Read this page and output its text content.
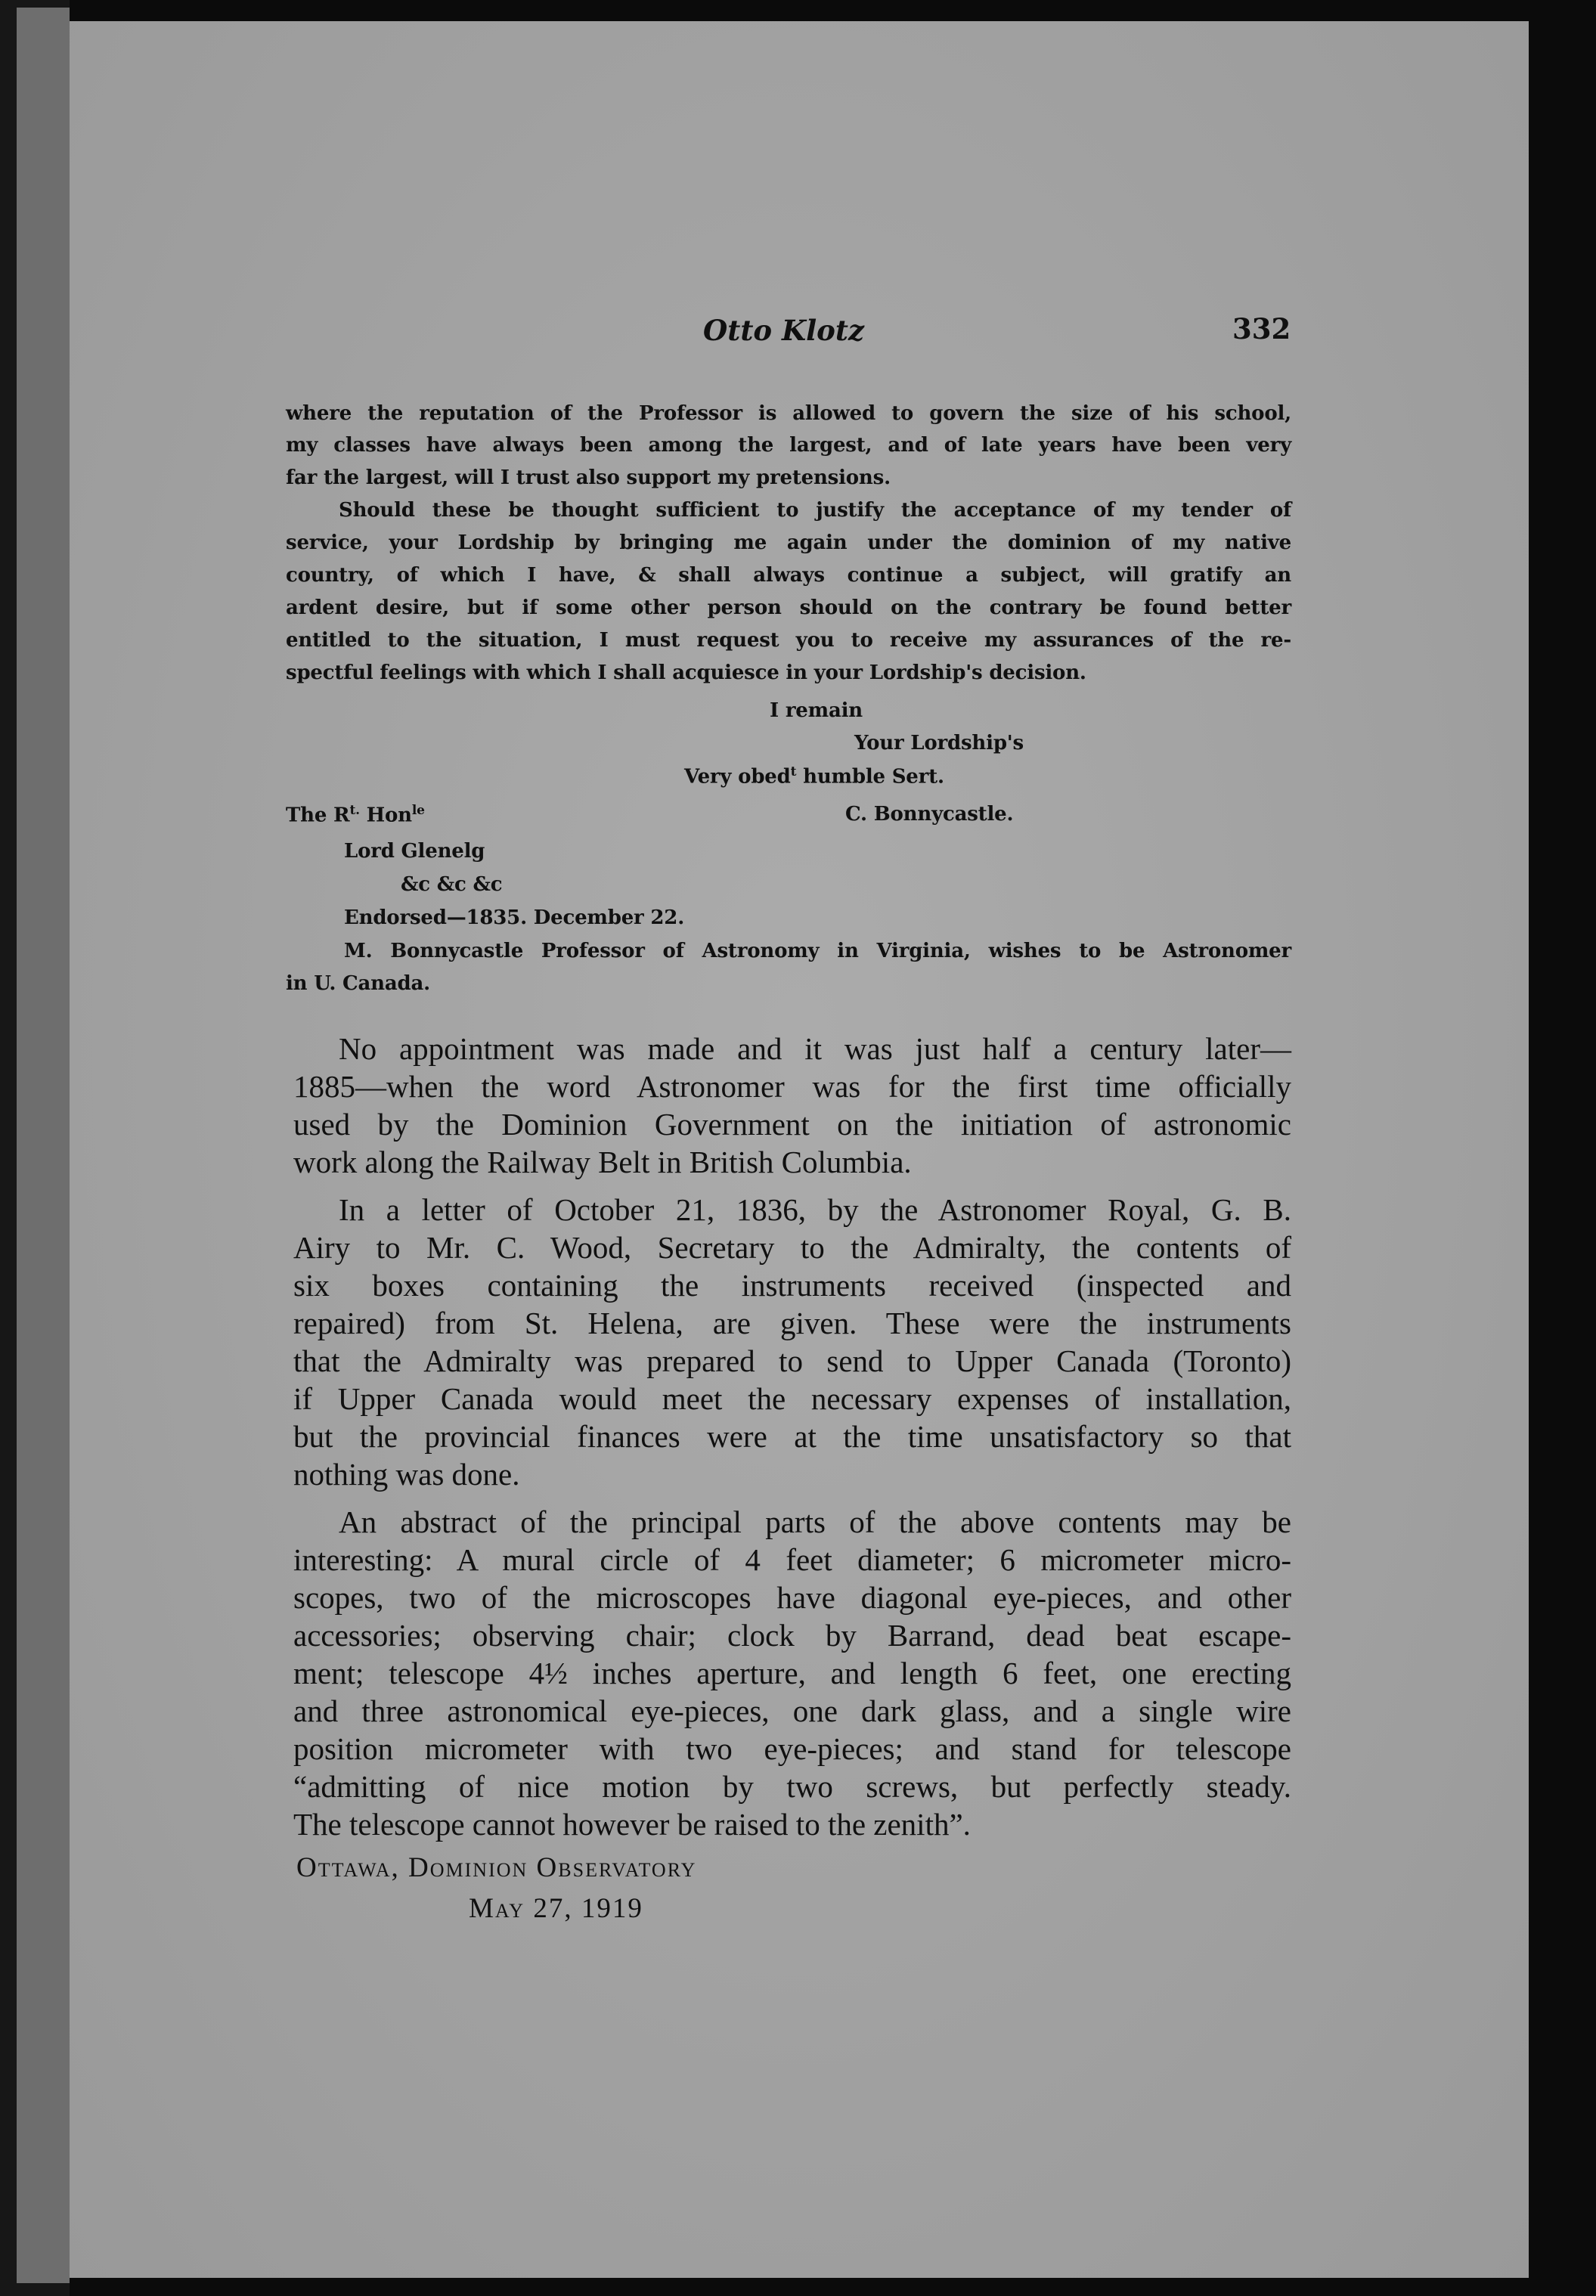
Otto Klotz	332
where the reputation of the Professor is allowed to govern the size of his school,
my classes have always been among the largest, and of late years have been very
far the largest, will I trust also support my pretensions.
Should these be thought sufficient to justify the acceptance of my tender of
service, your Lordship by bringing me again under the dominion of my native
country, of which I have, & shall always continue a subject, will gratify an
ardent desire, but if some other person should on the contrary be found better
entitled to the situation, I must request you to receive my assurances of the re-
spectful feelings with which I shall acquiesce in your Lordship's decision.
I remain
Your Lordship's
Very obed$^t$ humble Sert.
The $R^{t.}$ Hon$^{le}$	C. Bonnycastle.
Lord Glenelg
&c &c &c
Endorsed—1835. December 22.
M. Bonnycastle Professor of Astronomy in Virginia, wishes to be Astronomer
in U. Canada.
No appointment was made and it was just half a century later—
1885—when the word Astronomer was for the first time officially
used by the Dominion Government on the initiation of astronomic
work along the Railway Belt in British Columbia.
In a letter of October 21, 1836, by the Astronomer Royal, G. B.
Airy to Mr. C. Wood, Secretary to the Admiralty, the contents of
six boxes containing the instruments received (inspected and
repaired) from St. Helena, are given. These were the instruments
that the Admiralty was prepared to send to Upper Canada (Toronto)
if Upper Canada would meet the necessary expenses of installation,
but the provincial finances were at the time unsatisfactory so that
nothing was done.
An abstract of the principal parts of the above contents may be
interesting: A mural circle of 4 feet diameter; 6 micrometer micro-
scopes, two of the microscopes have diagonal eye-pieces, and other
accessories; observing chair; clock by Barrand, dead beat escape-
ment; telescope 4½ inches aperture, and length 6 feet, one erecting
and three astronomical eye-pieces, one dark glass, and a single wire
position micrometer with two eye-pieces; and stand for telescope
“admitting of nice motion by two screws, but perfectly steady.
The telescope cannot however be raised to the zenith”.
Ottawa, Dominion Observatory
May 27, 1919
